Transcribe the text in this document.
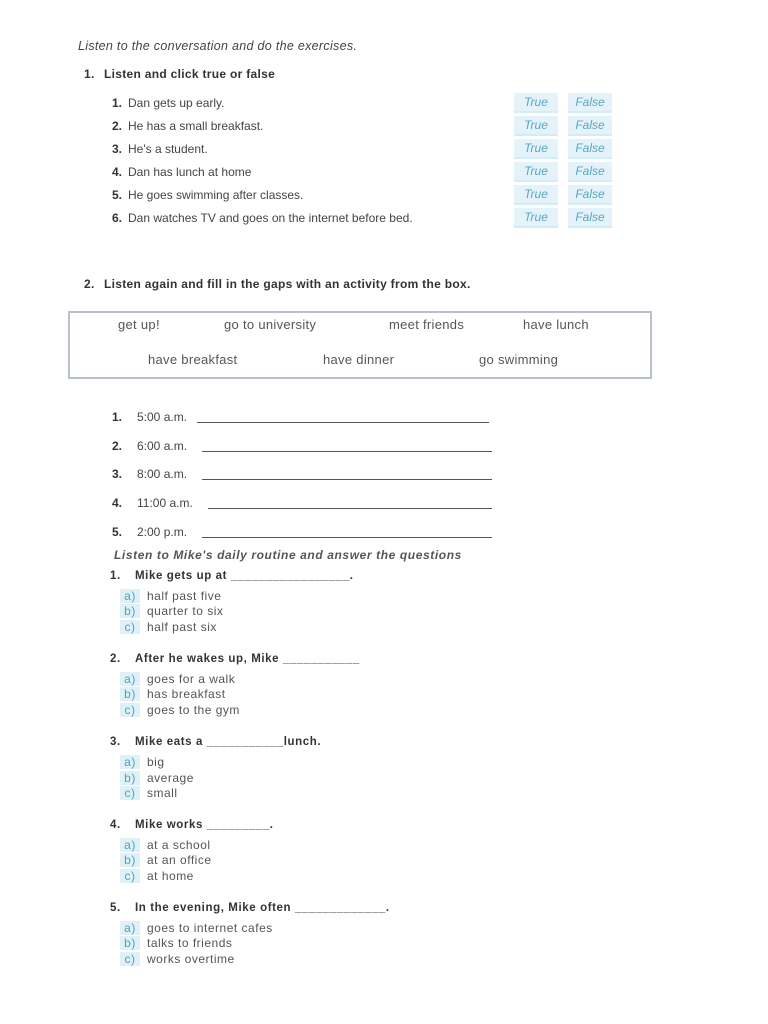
Listen to the conversation and do the exercises.
1. Listen and click true or false
1. Dan gets up early.	True	False
2. He has a small breakfast.	True	False
3. He's a student.	True	False
4. Dan has lunch at home	True	False
5. He goes swimming after classes.	True	False
6. Dan watches TV and goes on the internet before bed.	True	False
2. Listen again and fill in the gaps with an activity from the box.
get up!	go to university	meet friends	have lunch
have breakfast	have dinner	go swimming
1. 5:00 a.m.
2. 6:00 a.m.
3. 8:00 a.m.
4. 11:00 a.m.
5. 2:00 p.m.
Listen to Mike's daily routine and answer the questions
1. Mike gets up at _________________.
a) half past five
b) quarter to six
c) half past six
2. After he wakes up, Mike ___________
a) goes for a walk
b) has breakfast
c) goes to the gym
3. Mike eats a ___________lunch.
a) big
b) average
c) small
4. Mike works _________.
a) at a school
b) at an office
c) at home
5. In the evening, Mike often _____________.
a) goes to internet cafes
b) talks to friends
c) works overtime
